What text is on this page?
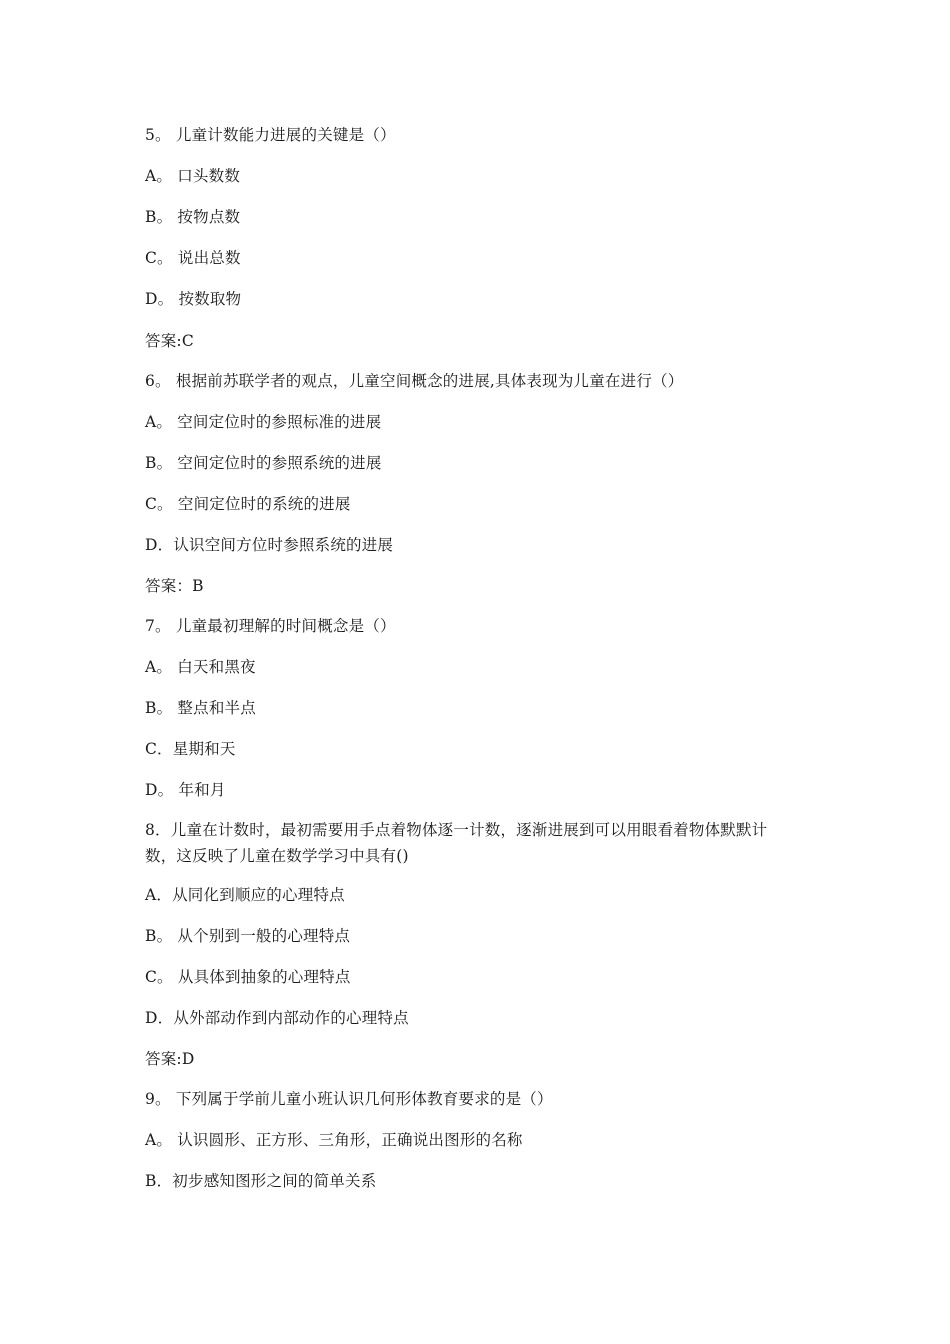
5。 儿童计数能力进展的关键是（）
A。 口头数数
B。 按物点数
C。 说出总数
D。 按数取物
答案:C
6。 根据前苏联学者的观点，儿童空间概念的进展,具体表现为儿童在进行（）
A。 空间定位时的参照标准的进展
B。 空间定位时的参照系统的进展
C。 空间定位时的系统的进展
D．认识空间方位时参照系统的进展
答案：B
7。 儿童最初理解的时间概念是（）
A。 白天和黑夜
B。 整点和半点
C．星期和天
D。 年和月
8．儿童在计数时，最初需要用手点着物体逐一计数，逐渐进展到可以用眼看着物体默默计数，这反映了儿童在数学学习中具有()
A．从同化到顺应的心理特点
B。 从个别到一般的心理特点
C。 从具体到抽象的心理特点
D．从外部动作到内部动作的心理特点
答案:D
9。 下列属于学前儿童小班认识几何形体教育要求的是（）
A。 认识圆形、正方形、三角形，正确说出图形的名称
B．初步感知图形之间的简单关系
